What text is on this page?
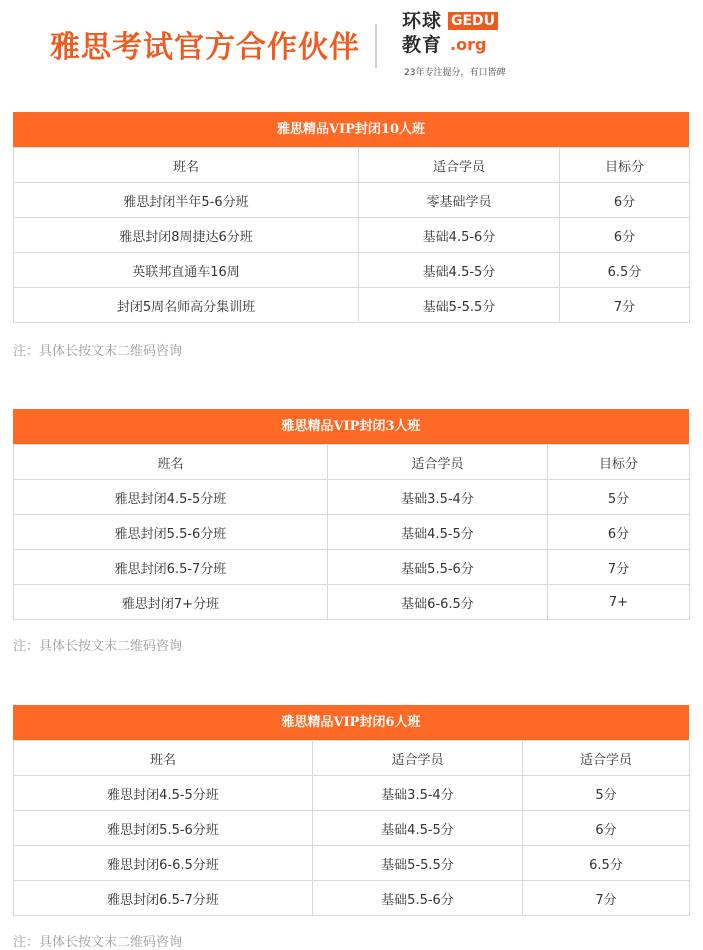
雅思考试官方合作伙伴
环球
教育
GEDU
.org
23年专注提分，有口皆碑
雅思精品VIP封闭10人班
班名	适合学员	目标分
雅思封闭半年5-6分班	零基础学员	6分
雅思封闭8周捷达6分班	基础4.5-6分	6分
英联邦直通车16周	基础4.5-5分	6.5分
封闭5周名师高分集训班	基础5-5.5分	7分
注：具体长按文末二维码咨询
雅思精品VIP封闭3人班
班名	适合学员	目标分
雅思封闭4.5-5分班	基础3.5-4分	5分
雅思封闭5.5-6分班	基础4.5-5分	6分
雅思封闭6.5-7分班	基础5.5-6分	7分
雅思封闭7+分班	基础6-6.5分	7+
注：具体长按文末二维码咨询
雅思精品VIP封闭6人班
班名	适合学员	适合学员
雅思封闭4.5-5分班	基础3.5-4分	5分
雅思封闭5.5-6分班	基础4.5-5分	6分
雅思封闭6-6.5分班	基础5-5.5分	6.5分
雅思封闭6.5-7分班	基础5.5-6分	7分
注：具体长按文末二维码咨询
